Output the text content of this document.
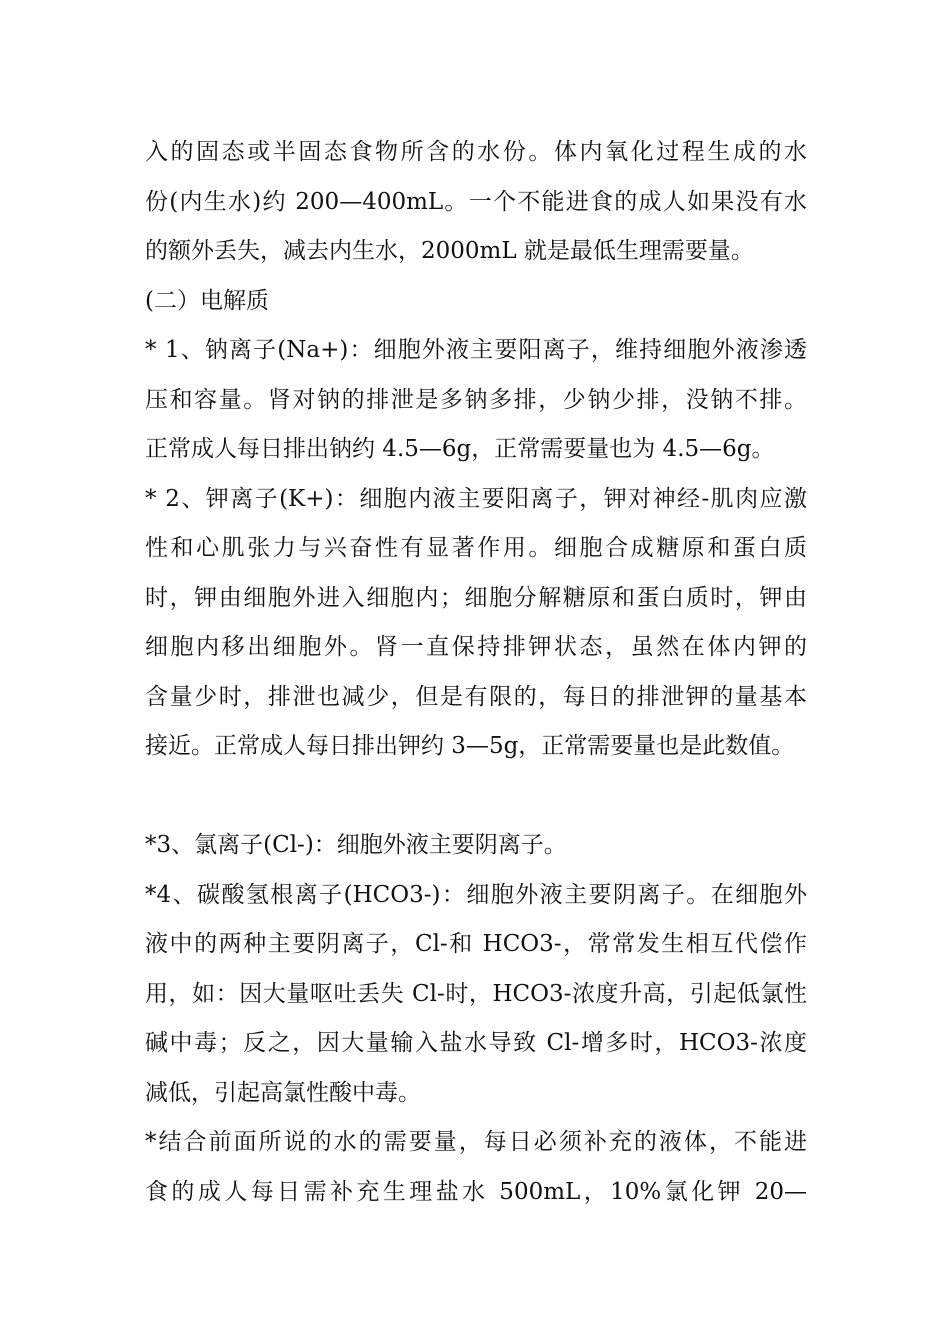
入的固态或半固态食物所含的水份。体内氧化过程生成的水
份(内生水)约 200—400mL。一个不能进食的成人如果没有水
的额外丢失，减去内生水，2000mL 就是最低生理需要量。
(二）电解质
* 1、钠离子(Na+)：细胞外液主要阳离子，维持细胞外液渗透
压和容量。肾对钠的排泄是多钠多排，少钠少排，没钠不排。
正常成人每日排出钠约 4.5—6g，正常需要量也为 4.5—6g。
* 2、钾离子(K+)：细胞内液主要阳离子，钾对神经-肌肉应激
性和心肌张力与兴奋性有显著作用。细胞合成糖原和蛋白质
时，钾由细胞外进入细胞内；细胞分解糖原和蛋白质时，钾由
细胞内移出细胞外。肾一直保持排钾状态，虽然在体内钾的
含量少时，排泄也减少，但是有限的，每日的排泄钾的量基本
接近。正常成人每日排出钾约 3—5g，正常需要量也是此数值。
*3、氯离子(Cl-)：细胞外液主要阴离子。
*4、碳酸氢根离子(HCO3-)：细胞外液主要阴离子。在细胞外
液中的两种主要阴离子，Cl-和 HCO3-，常常发生相互代偿作
用，如：因大量呕吐丢失 Cl-时，HCO3-浓度升高，引起低氯性
碱中毒；反之，因大量输入盐水导致 Cl-增多时，HCO3-浓度
减低，引起高氯性酸中毒。
*结合前面所说的水的需要量，每日必须补充的液体，不能进
食的成人每日需补充生理盐水 500mL，10%氯化钾 20—
